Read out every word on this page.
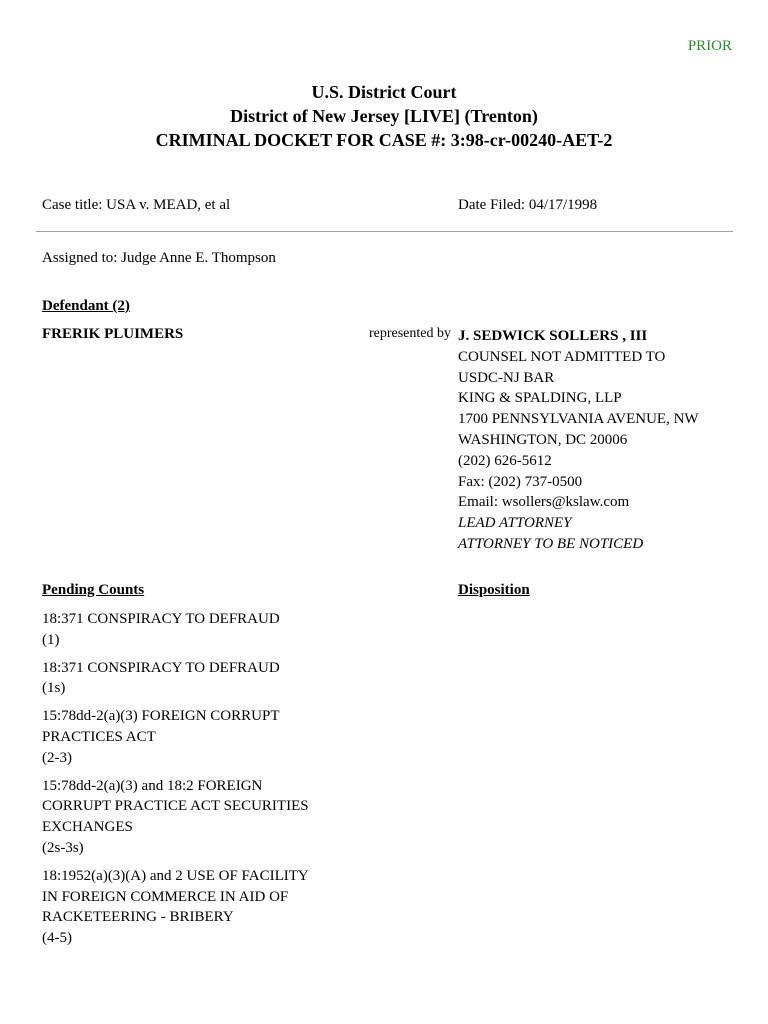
PRIOR
U.S. District Court
District of New Jersey [LIVE] (Trenton)
CRIMINAL DOCKET FOR CASE #: 3:98-cr-00240-AET-2
Case title: USA v. MEAD, et al	Date Filed: 04/17/1998
Assigned to: Judge Anne E. Thompson
Defendant (2)
FRERIK PLUIMERS	represented by J. SEDWICK SOLLERS , III
COUNSEL NOT ADMITTED TO
USDC-NJ BAR
KING & SPALDING, LLP
1700 PENNSYLVANIA AVENUE, NW
WASHINGTON, DC 20006
(202) 626-5612
Fax: (202) 737-0500
Email: wsollers@kslaw.com
LEAD ATTORNEY
ATTORNEY TO BE NOTICED
Pending Counts	Disposition
18:371 CONSPIRACY TO DEFRAUD
(1)
18:371 CONSPIRACY TO DEFRAUD
(1s)
15:78dd-2(a)(3) FOREIGN CORRUPT PRACTICES ACT
(2-3)
15:78dd-2(a)(3) and 18:2 FOREIGN CORRUPT PRACTICE ACT SECURITIES EXCHANGES
(2s-3s)
18:1952(a)(3)(A) and 2 USE OF FACILITY IN FOREIGN COMMERCE IN AID OF RACKETEERING - BRIBERY
(4-5)
